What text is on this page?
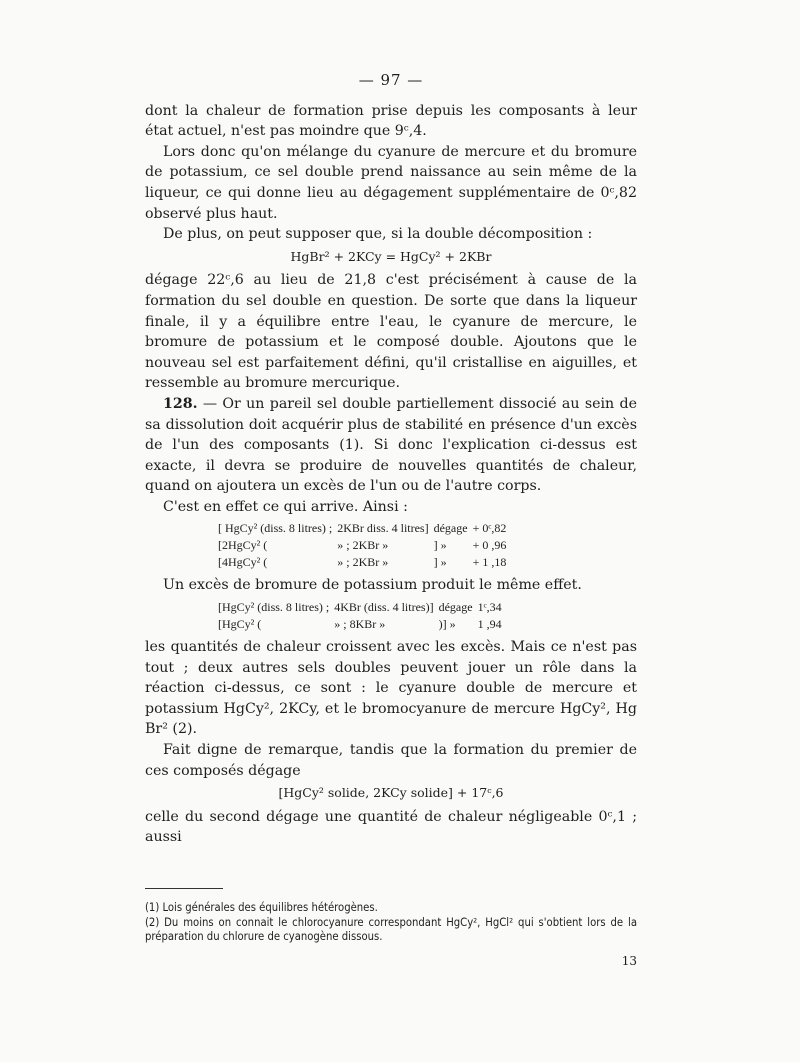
— 97 —

dont la chaleur de formation prise depuis les composants à leur état actuel, n'est pas moindre que 9ᶜ,4.

Lors donc qu'on mélange du cyanure de mercure et du bromure de potassium, ce sel double prend naissance au sein même de la liqueur, ce qui donne lieu au dégagement supplémentaire de 0ᶜ,82 observé plus haut.

De plus, on peut supposer que, si la double décomposition :

HgBr² + 2KCy = HgCy² + 2KBr

dégage 22ᶜ,6 au lieu de 21,8 c'est précisément à cause de la formation du sel double en question. De sorte que dans la liqueur finale, il y a équilibre entre l'eau, le cyanure de mercure, le bromure de potassium et le composé double. Ajoutons que le nouveau sel est parfaitement défini, qu'il cristallise en aiguilles, et ressemble au bromure mercurique.

128. — Or un pareil sel double partiellement dissocié au sein de sa dissolution doit acquérir plus de stabilité en présence d'un excès de l'un des composants (1). Si donc l'explication ci-dessus est exacte, il devra se produire de nouvelles quantités de chaleur, quand on ajoutera un excès de l'un ou de l'autre corps.

C'est en effet ce qui arrive. Ainsi :

[ HgCy² (diss. 8 litres) ;	2KBr diss. 4 litres]	dégage	+ 0ᶜ,82
[2HgCy² (	» ; 2KBr »	] »	+ 0 ,96
[4HgCy² (	» ; 2KBr »	] »	+ 1 ,18

Un excès de bromure de potassium produit le même effet.

[HgCy² (diss. 8 litres) ;	4KBr (diss. 4 litres)]	dégage	1ᶜ,34
[HgCy² (	» ; 8KBr »	)] »	1 ,94

les quantités de chaleur croissent avec les excès. Mais ce n'est pas tout ; deux autres sels doubles peuvent jouer un rôle dans la réaction ci-dessus, ce sont : le cyanure double de mercure et potassium HgCy², 2KCy, et le bromocyanure de mercure HgCy², Hg Br² (2).

Fait digne de remarque, tandis que la formation du premier de ces composés dégage

[HgCy² solide, 2KCy solide] + 17ᶜ,6

celle du second dégage une quantité de chaleur négligeable 0ᶜ,1 ; aussi

(1) Lois générales des équilibres hétérogènes.
(2) Du moins on connait le chlorocyanure correspondant HgCy², HgCl² qui s'obtient lors de la préparation du chlorure de cyanogène dissous.
13
